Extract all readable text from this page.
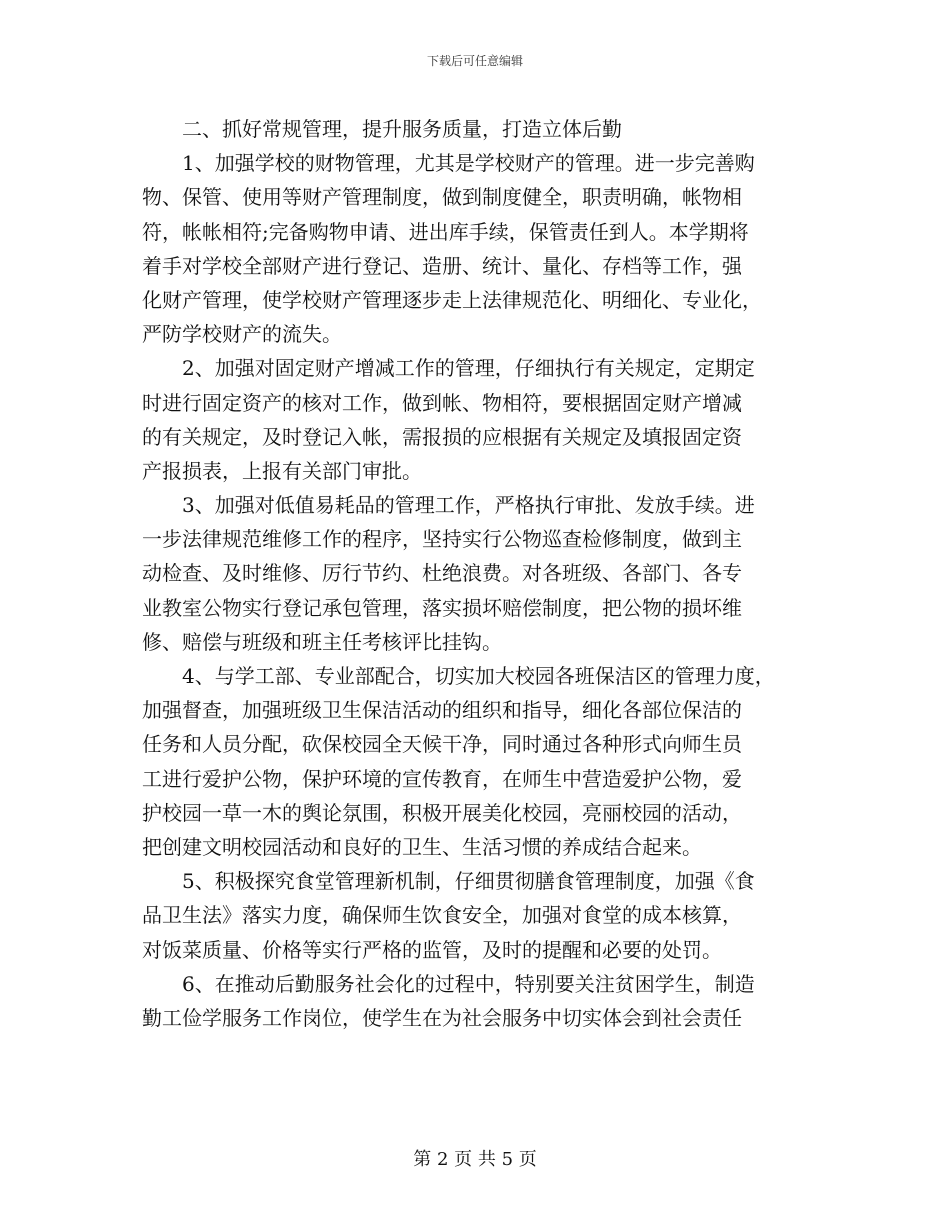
下载后可任意编辑
二、抓好常规管理，提升服务质量，打造立体后勤
1、加强学校的财物管理，尤其是学校财产的管理。进一步完善购
物、保管、使用等财产管理制度，做到制度健全，职责明确，帐物相
符，帐帐相符;完备购物申请、进出库手续，保管责任到人。本学期将
着手对学校全部财产进行登记、造册、统计、量化、存档等工作，强
化财产管理，使学校财产管理逐步走上法律规范化、明细化、专业化，
严防学校财产的流失。
2、加强对固定财产增减工作的管理，仔细执行有关规定，定期定
时进行固定资产的核对工作，做到帐、物相符，要根据固定财产增减
的有关规定，及时登记入帐，需报损的应根据有关规定及填报固定资
产报损表，上报有关部门审批。
3、加强对低值易耗品的管理工作，严格执行审批、发放手续。进
一步法律规范维修工作的程序，坚持实行公物巡查检修制度，做到主
动检查、及时维修、厉行节约、杜绝浪费。对各班级、各部门、各专
业教室公物实行登记承包管理，落实损坏赔偿制度，把公物的损坏维
修、赔偿与班级和班主任考核评比挂钩。
4、与学工部、专业部配合，切实加大校园各班保洁区的管理力度，
加强督查，加强班级卫生保洁活动的组织和指导，细化各部位保洁的
任务和人员分配，砍保校园全天候干净，同时通过各种形式向师生员
工进行爱护公物，保护环境的宣传教育，在师生中营造爱护公物，爱
护校园一草一木的舆论氛围，积极开展美化校园，亮丽校园的活动，
把创建文明校园活动和良好的卫生、生活习惯的养成结合起来。
5、积极探究食堂管理新机制，仔细贯彻膳食管理制度，加强《食
品卫生法》落实力度，确保师生饮食安全，加强对食堂的成本核算，
对饭菜质量、价格等实行严格的监管，及时的提醒和必要的处罚。
6、在推动后勤服务社会化的过程中，特别要关注贫困学生，制造
勤工俭学服务工作岗位，使学生在为社会服务中切实体会到社会责任
第 2 页 共 5 页
